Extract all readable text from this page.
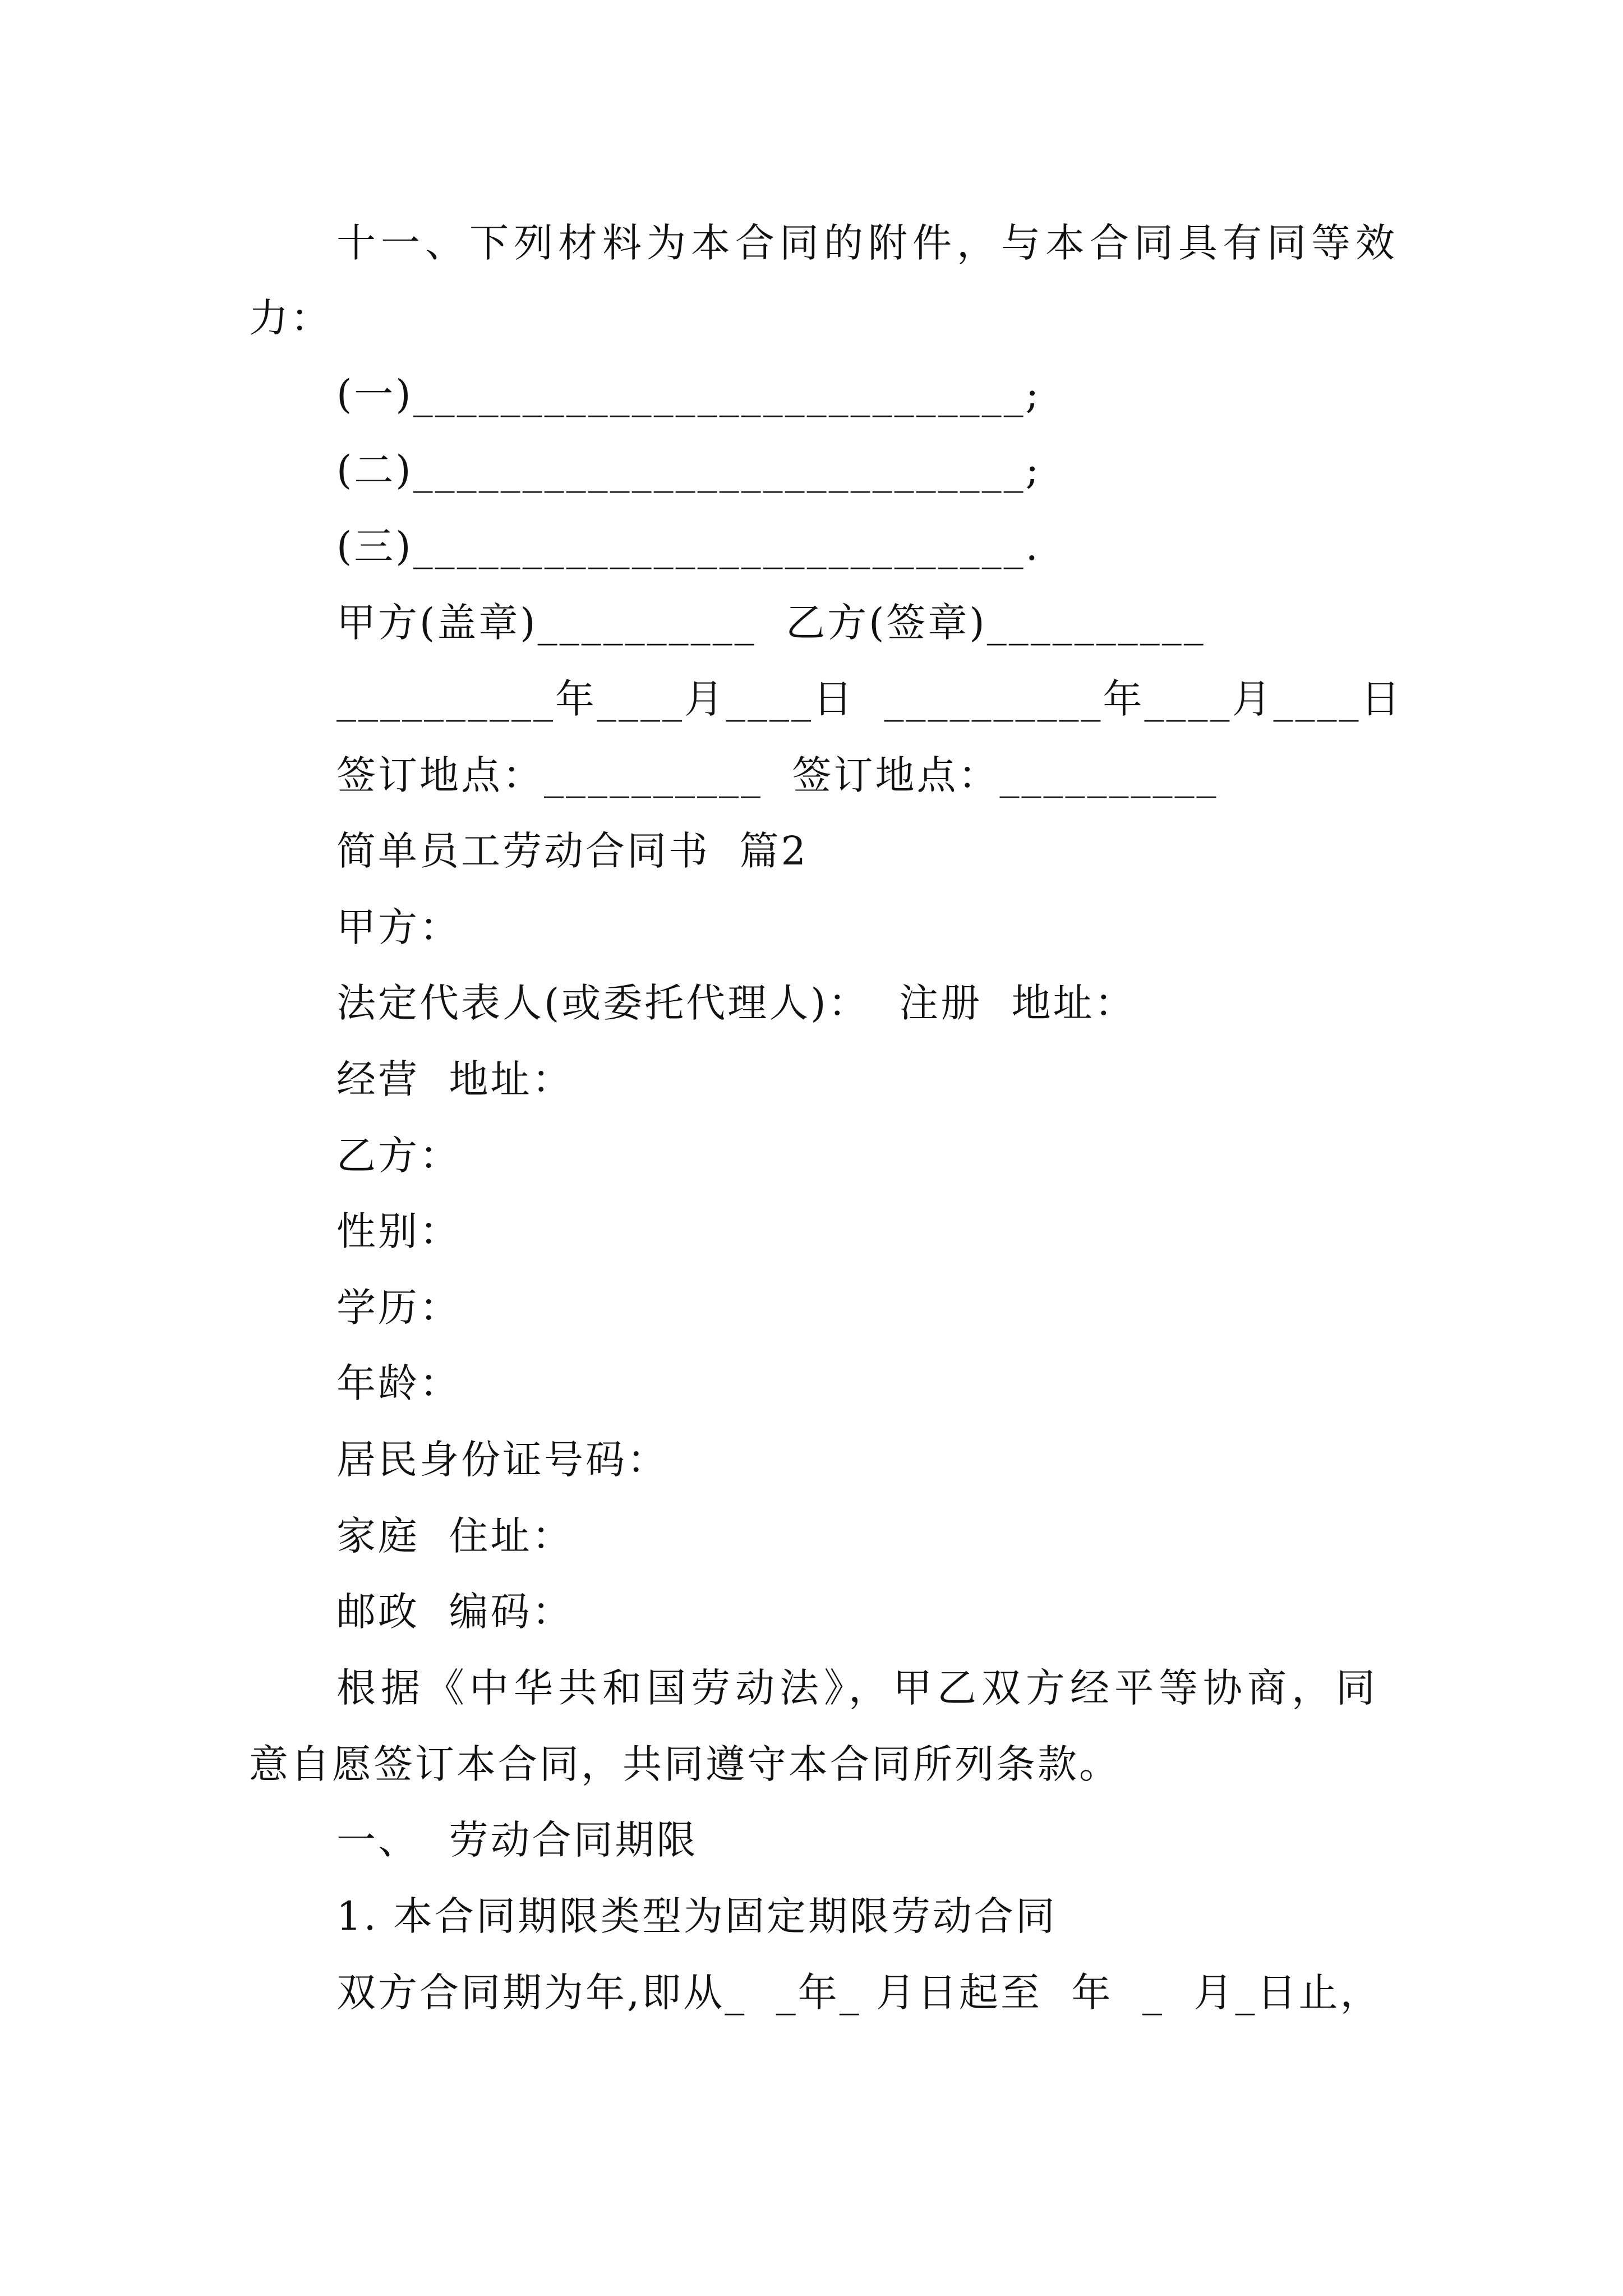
十一、下列材料为本合同的附件，与本合同具有同等效
力：
(一)____________________________;
(二)____________________________;
(三)____________________________.
甲方(盖章)__________  乙方(签章)__________
__________年____月____日  __________年____月____日
签订地点：__________  签订地点：__________
简单员工劳动合同书  篇2
甲方：
法定代表人(或委托代理人)：  注册  地址：
经营  地址：
乙方：
性别：
学历：
年龄：
居民身份证号码：
家庭  住址：
邮政  编码：
根据《中华共和国劳动法》，甲乙双方经平等协商，同
意自愿签订本合同，共同遵守本合同所列条款。
一、  劳动合同期限
1. 本合同期限类型为固定期限劳动合同
双方合同期为年,即从_  _年_ 月日起至  年  _  月_日止，
